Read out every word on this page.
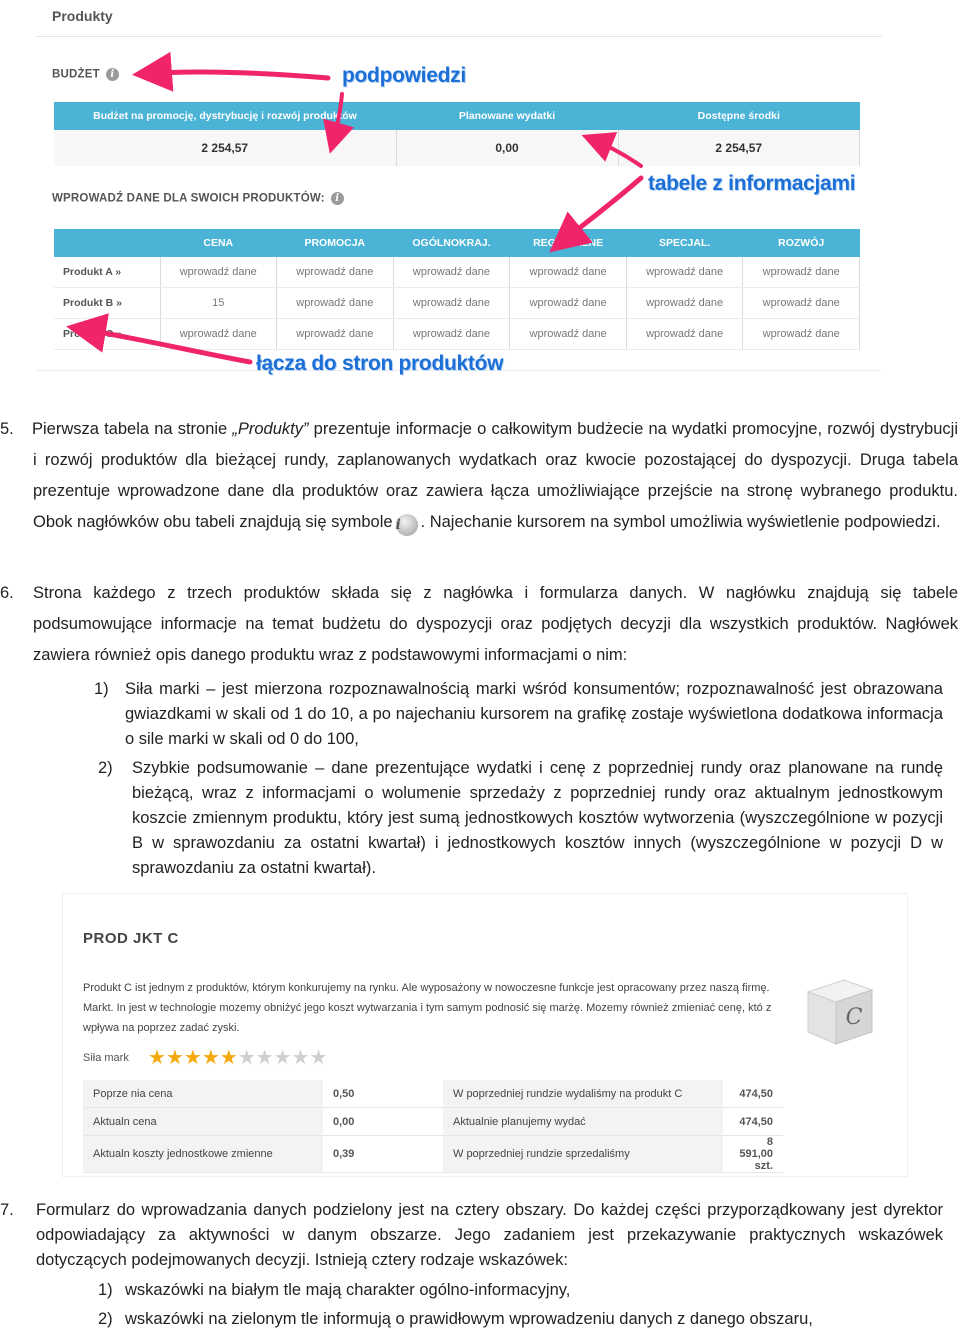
Produkty
BUDŻET i
Budżet na promocję, dystrybucję i rozwój produktów	Planowane wydatki	Dostępne środki
2 254,57	0,00	2 254,57
WPROWADŹ DANE DLA SWOICH PRODUKTÓW: i
	CENA	PROMOCJA	OGÓLNOKRAJ.	REGIONALNE	SPECJAL.	ROZWÓJ
Produkt A »	wprowadź dane	wprowadź dane	wprowadź dane	wprowadź dane	wprowadź dane	wprowadź dane
Produkt B »	15	wprowadź dane	wprowadź dane	wprowadź dane	wprowadź dane	wprowadź dane
Produkt C »	wprowadź dane	wprowadź dane	wprowadź dane	wprowadź dane	wprowadź dane	wprowadź dane
podpowiedzi
tabele z informacjami
łącza do stron produktów
5. Pierwsza tabela na stronie „Produkty” prezentuje informacje o całkowitym budżecie na wydatki promocyjne, rozwój dystrybucji i rozwój produktów dla bieżącej rundy, zaplanowanych wydatkach oraz kwocie pozostającej do dyspozycji. Druga tabela prezentuje wprowadzone dane dla produktów oraz zawiera łącza umożliwiające przejście na stronę wybranego produktu. Obok nagłówków obu tabeli znajdują się symbole i . Najechanie kursorem na symbol umożliwia wyświetlenie podpowiedzi.
6. Strona każdego z trzech produktów składa się z nagłówka i formularza danych. W nagłówku znajdują się tabele podsumowujące informacje na temat budżetu do dyspozycji oraz podjętych decyzji dla wszystkich produktów. Nagłówek zawiera również opis danego produktu wraz z podstawowymi informacjami o nim:
1) Siła marki – jest mierzona rozpoznawalnością marki wśród konsumentów; rozpoznawalność jest obrazowana gwiazdkami w skali od 1 do 10, a po najechaniu kursorem na grafikę zostaje wyświetlona dodatkowa informacja o sile marki w skali od 0 do 100,
2) Szybkie podsumowanie – dane prezentujące wydatki i cenę z poprzedniej rundy oraz planowane na rundę bieżącą, wraz z informacjami o wolumenie sprzedaży z poprzedniej rundy oraz aktualnym jednostkowym koszcie zmiennym produktu, który jest sumą jednostkowych kosztów wytworzenia (wyszczególnione w pozycji B w sprawozdaniu za ostatni kwartał) i jednostkowych kosztów innych (wyszczególnione w pozycji D w sprawozdaniu za ostatni kwartał).
PROD JKT C
Produkt C ist jednym z produktów, którym konkurujemy na rynku. Ale wyposażony w nowoczesne funkcje jest opracowany przez naszą firmę. Markt. In jest w technologie mozemy obniżyć jego koszt wytwarzania i tym samym podnosić się marżę. Mozemy również zmieniać cenę, któ z wpływa na poprzez zadać zyski.	C
Siła mark ★★★★★★★★★★
Poprze nia cena	0,50	W poprzedniej rundzie wydaliśmy na produkt C	474,50
Aktualn cena	0,00	Aktualnie planujemy wydać	474,50
Aktualn koszty jednostkowe zmienne	0,39	W poprzedniej rundzie sprzedaliśmy	8 591,00 szt.
7. Formularz do wprowadzania danych podzielony jest na cztery obszary. Do każdej części przyporządkowany jest dyrektor odpowiadający za aktywności w danym obszarze. Jego zadaniem jest przekazywanie praktycznych wskazówek dotyczących podejmowanych decyzji. Istnieją cztery rodzaje wskazówek:
1) wskazówki na białym tle mają charakter ogólno-informacyjny,
2) wskazówki na zielonym tle informują o prawidłowym wprowadzeniu danych z danego obszaru,
